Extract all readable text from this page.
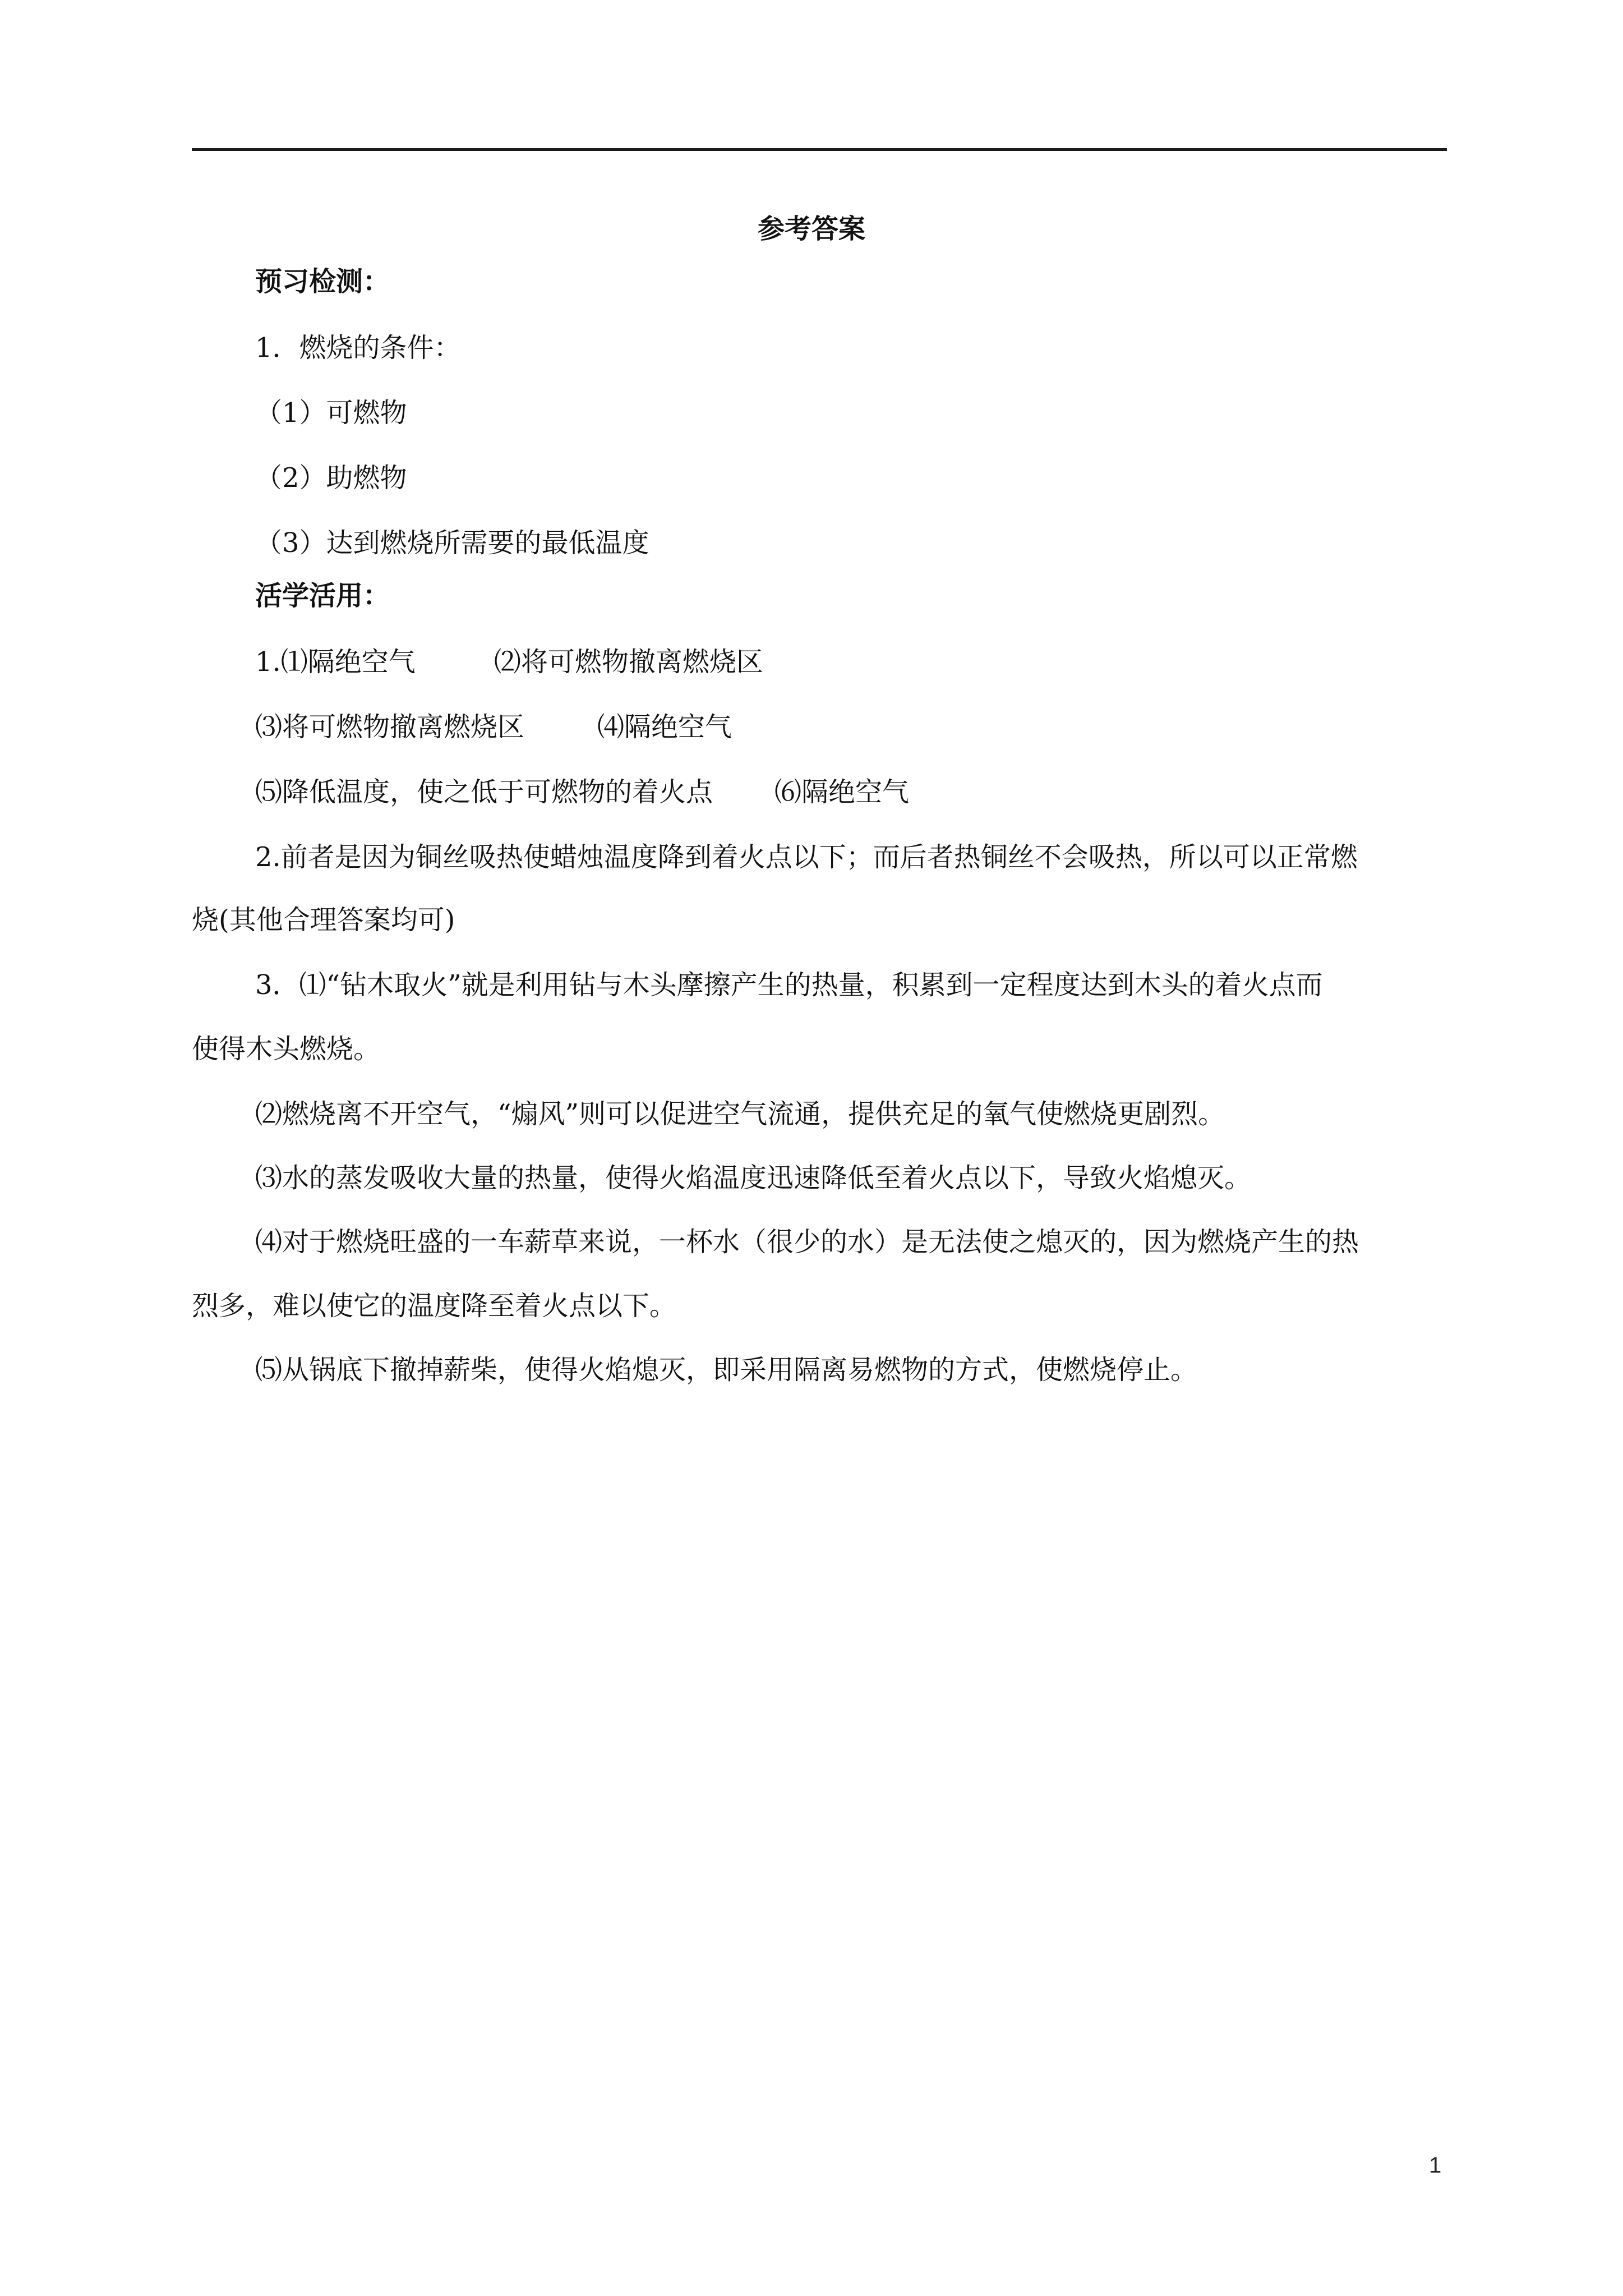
参考答案
预习检测：
1．燃烧的条件：
（1）可燃物
（2）助燃物
（3）达到燃烧所需要的最低温度
活学活用：
1.⑴隔绝空气	⑵将可燃物撤离燃烧区
⑶将可燃物撤离燃烧区	⑷隔绝空气
⑸降低温度，使之低于可燃物的着火点 ⑹隔绝空气
2.前者是因为铜丝吸热使蜡烛温度降到着火点以下；而后者热铜丝不会吸热，所以可以正常燃
烧(其他合理答案均可)
3．⑴“钻木取火”就是利用钻与木头摩擦产生的热量，积累到一定程度达到木头的着火点而
使得木头燃烧。
⑵燃烧离不开空气，“煽风”则可以促进空气流通，提供充足的氧气使燃烧更剧烈。
⑶水的蒸发吸收大量的热量，使得火焰温度迅速降低至着火点以下，导致火焰熄灭。
⑷对于燃烧旺盛的一车薪草来说，一杯水（很少的水）是无法使之熄灭的，因为燃烧产生的热
烈多，难以使它的温度降至着火点以下。
⑸从锅底下撤掉薪柴，使得火焰熄灭，即采用隔离易燃物的方式，使燃烧停止。
1
